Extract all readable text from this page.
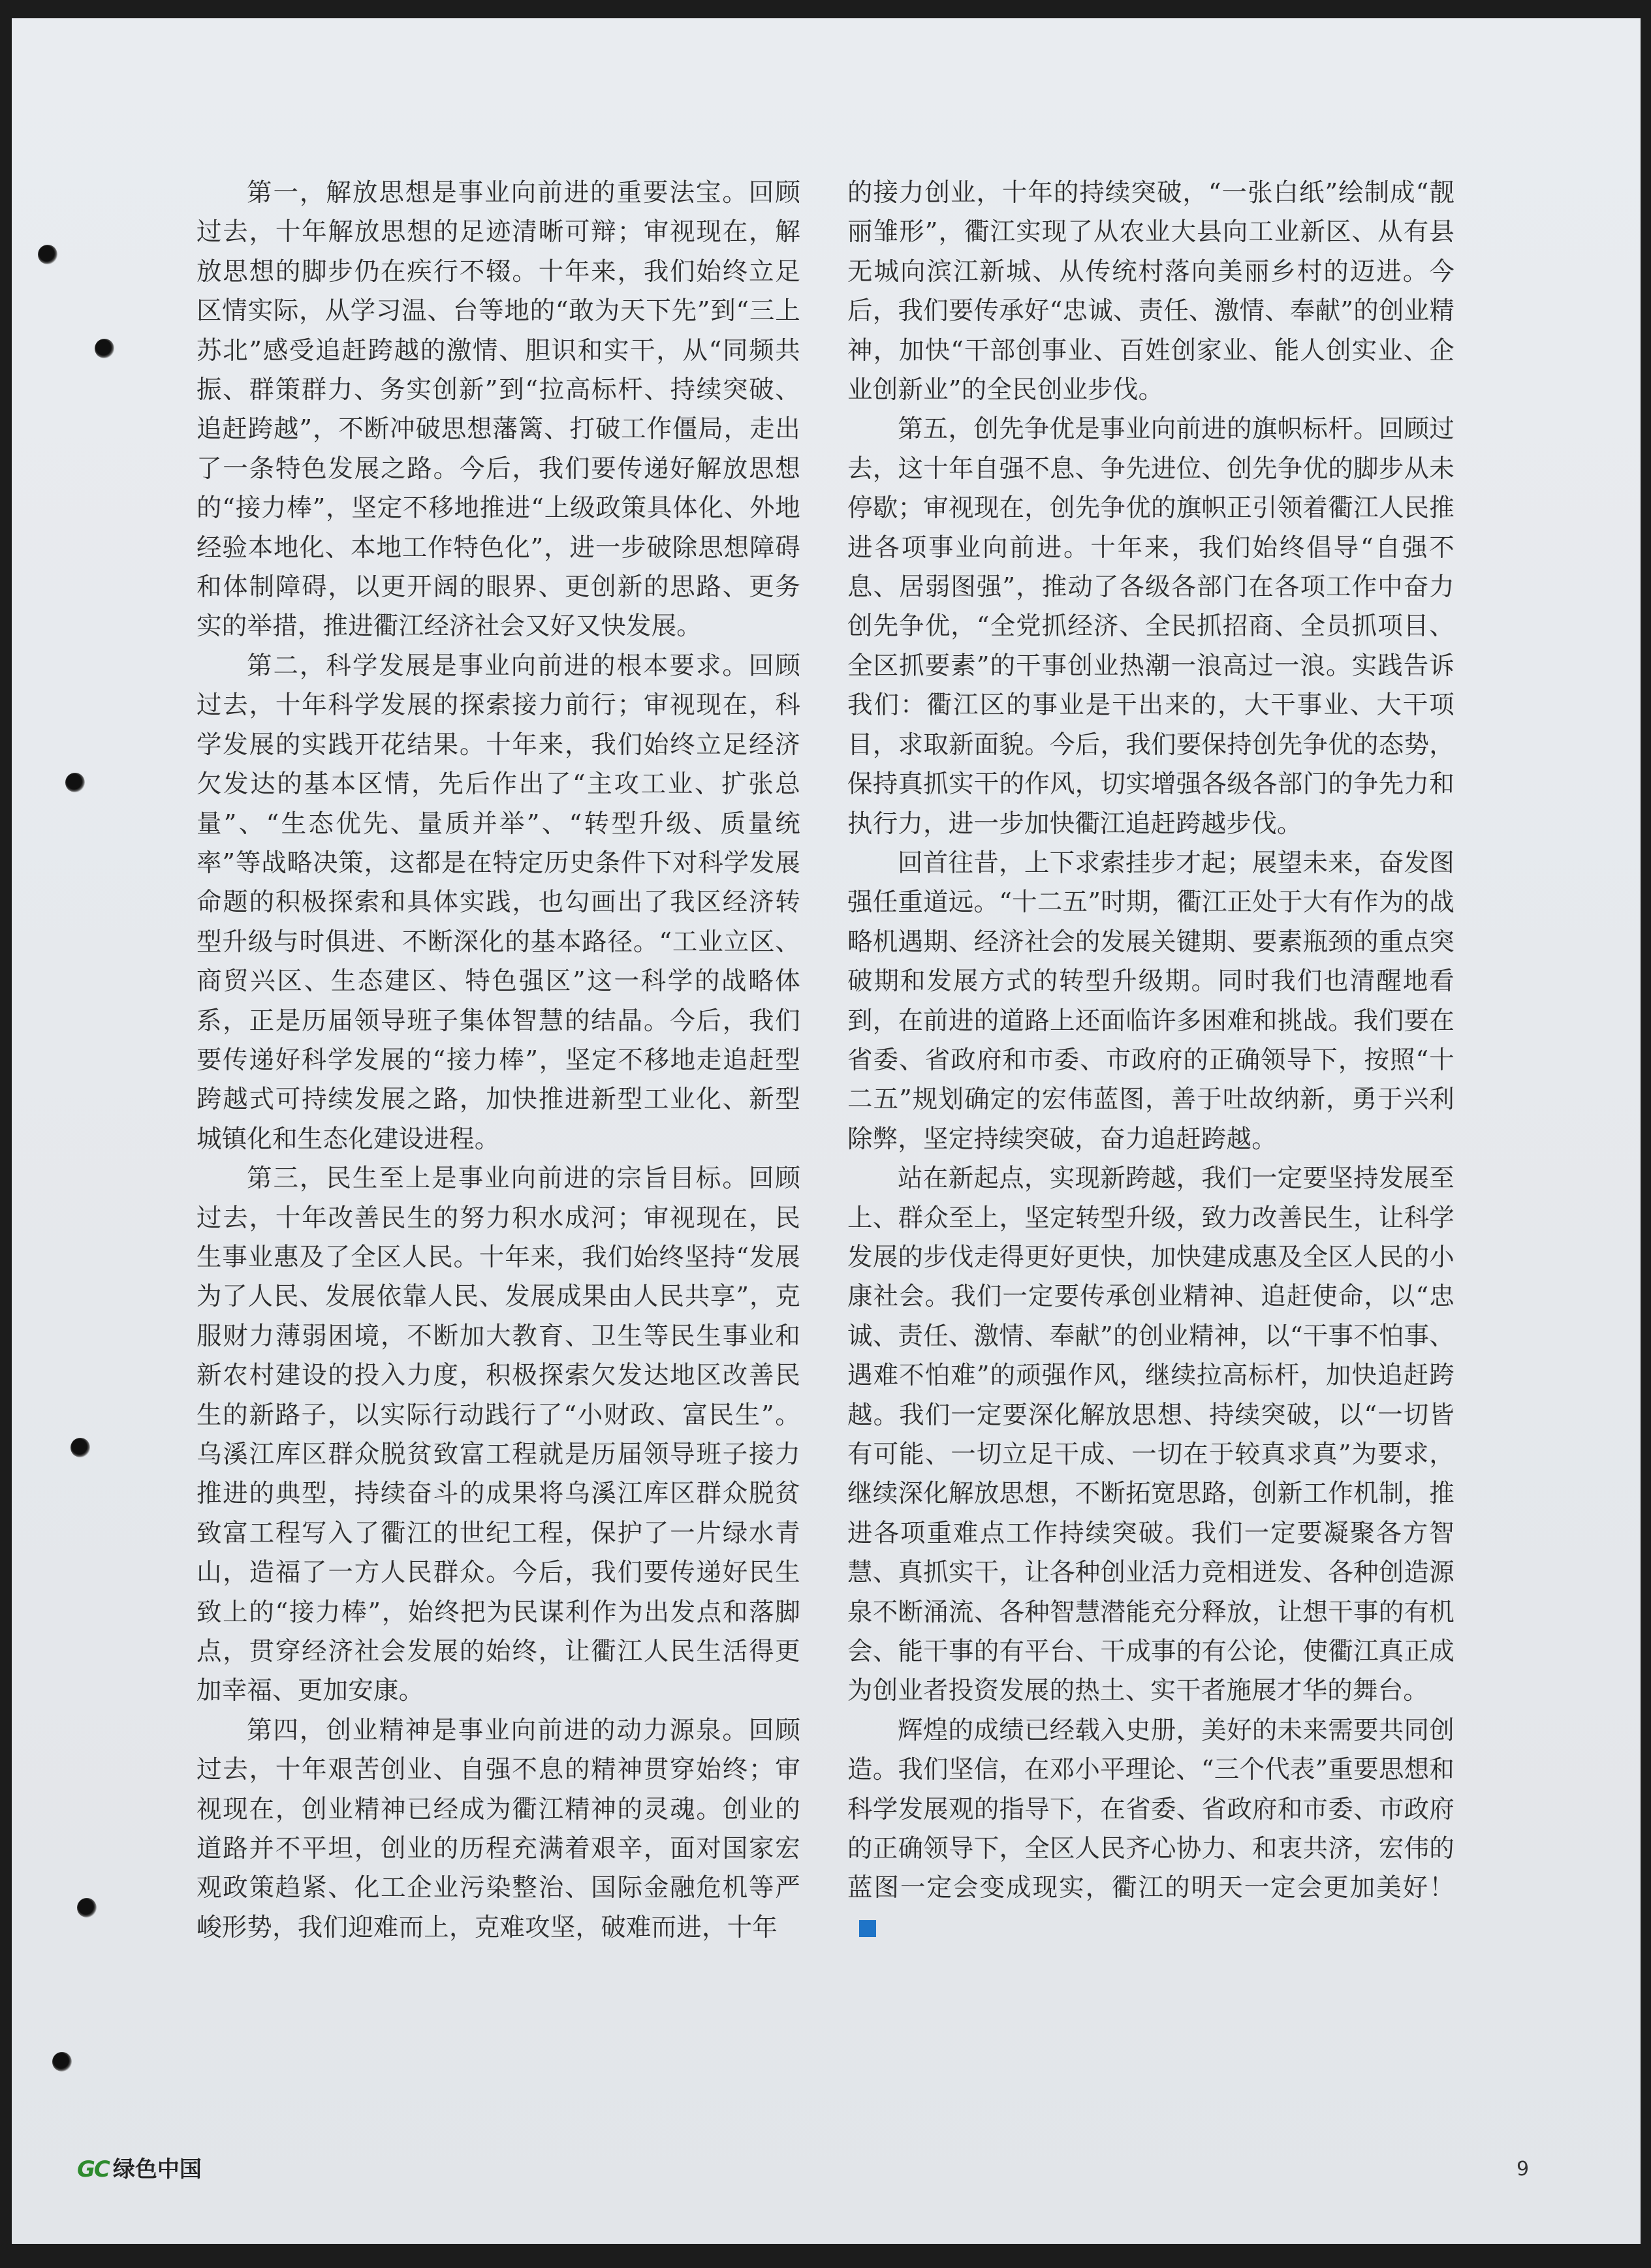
第一，解放思想是事业向前进的重要法宝。回顾过去，十年解放思想的足迹清晰可辩；审视现在，解放思想的脚步仍在疾行不辍。十年来，我们始终立足区情实际，从学习温、台等地的“敢为天下先”到“三上苏北”感受追赶跨越的激情、胆识和实干，从“同频共振、群策群力、务实创新”到“拉高标杆、持续突破、追赶跨越”，不断冲破思想藩篱、打破工作僵局，走出了一条特色发展之路。今后，我们要传递好解放思想的“接力棒”，坚定不移地推进“上级政策具体化、外地经验本地化、本地工作特色化”，进一步破除思想障碍和体制障碍，以更开阔的眼界、更创新的思路、更务实的举措，推进衢江经济社会又好又快发展。

第二，科学发展是事业向前进的根本要求。回顾过去，十年科学发展的探索接力前行；审视现在，科学发展的实践开花结果。十年来，我们始终立足经济欠发达的基本区情，先后作出了“主攻工业、扩张总量”、“生态优先、量质并举”、“转型升级、质量统率”等战略决策，这都是在特定历史条件下对科学发展命题的积极探索和具体实践，也勾画出了我区经济转型升级与时俱进、不断深化的基本路径。“工业立区、商贸兴区、生态建区、特色强区”这一科学的战略体系，正是历届领导班子集体智慧的结晶。今后，我们要传递好科学发展的“接力棒”，坚定不移地走追赶型跨越式可持续发展之路，加快推进新型工业化、新型城镇化和生态化建设进程。

第三，民生至上是事业向前进的宗旨目标。回顾过去，十年改善民生的努力积水成河；审视现在，民生事业惠及了全区人民。十年来，我们始终坚持“发展为了人民、发展依靠人民、发展成果由人民共享”，克服财力薄弱困境，不断加大教育、卫生等民生事业和新农村建设的投入力度，积极探索欠发达地区改善民生的新路子，以实际行动践行了“小财政、富民生”。乌溪江库区群众脱贫致富工程就是历届领导班子接力推进的典型，持续奋斗的成果将乌溪江库区群众脱贫致富工程写入了衢江的世纪工程，保护了一片绿水青山，造福了一方人民群众。今后，我们要传递好民生致上的“接力棒”，始终把为民谋利作为出发点和落脚点，贯穿经济社会发展的始终，让衢江人民生活得更加幸福、更加安康。

第四，创业精神是事业向前进的动力源泉。回顾过去，十年艰苦创业、自强不息的精神贯穿始终；审视现在，创业精神已经成为衢江精神的灵魂。创业的道路并不平坦，创业的历程充满着艰辛，面对国家宏观政策趋紧、化工企业污染整治、国际金融危机等严峻形势，我们迎难而上，克难攻坚，破难而进，十年

的接力创业，十年的持续突破，“一张白纸”绘制成“靓丽雏形”，衢江实现了从农业大县向工业新区、从有县无城向滨江新城、从传统村落向美丽乡村的迈进。今后，我们要传承好“忠诚、责任、激情、奉献”的创业精神，加快“干部创事业、百姓创家业、能人创实业、企业创新业”的全民创业步伐。

第五，创先争优是事业向前进的旗帜标杆。回顾过去，这十年自强不息、争先进位、创先争优的脚步从未停歇；审视现在，创先争优的旗帜正引领着衢江人民推进各项事业向前进。十年来，我们始终倡导“自强不息、居弱图强”，推动了各级各部门在各项工作中奋力创先争优，“全党抓经济、全民抓招商、全员抓项目、全区抓要素”的干事创业热潮一浪高过一浪。实践告诉我们：衢江区的事业是干出来的，大干事业、大干项目，求取新面貌。今后，我们要保持创先争优的态势，保持真抓实干的作风，切实增强各级各部门的争先力和执行力，进一步加快衢江追赶跨越步伐。

回首往昔，上下求索挂步才起；展望未来，奋发图强任重道远。“十二五”时期，衢江正处于大有作为的战略机遇期、经济社会的发展关键期、要素瓶颈的重点突破期和发展方式的转型升级期。同时我们也清醒地看到，在前进的道路上还面临许多困难和挑战。我们要在省委、省政府和市委、市政府的正确领导下，按照“十二五”规划确定的宏伟蓝图，善于吐故纳新，勇于兴利除弊，坚定持续突破，奋力追赶跨越。

站在新起点，实现新跨越，我们一定要坚持发展至上、群众至上，坚定转型升级，致力改善民生，让科学发展的步伐走得更好更快，加快建成惠及全区人民的小康社会。我们一定要传承创业精神、追赶使命，以“忠诚、责任、激情、奉献”的创业精神，以“干事不怕事、遇难不怕难”的顽强作风，继续拉高标杆，加快追赶跨越。我们一定要深化解放思想、持续突破，以“一切皆有可能、一切立足干成、一切在于较真求真”为要求，继续深化解放思想，不断拓宽思路，创新工作机制，推进各项重难点工作持续突破。我们一定要凝聚各方智慧、真抓实干，让各种创业活力竞相迸发、各种创造源泉不断涌流、各种智慧潜能充分释放，让想干事的有机会、能干事的有平台、干成事的有公论，使衢江真正成为创业者投资发展的热土、实干者施展才华的舞台。

辉煌的成绩已经载入史册，美好的未来需要共同创造。我们坚信，在邓小平理论、“三个代表”重要思想和科学发展观的指导下，在省委、省政府和市委、市政府的正确领导下，全区人民齐心协力、和衷共济，宏伟的蓝图一定会变成现实，衢江的明天一定会更加美好！

GC 绿色中国	9
